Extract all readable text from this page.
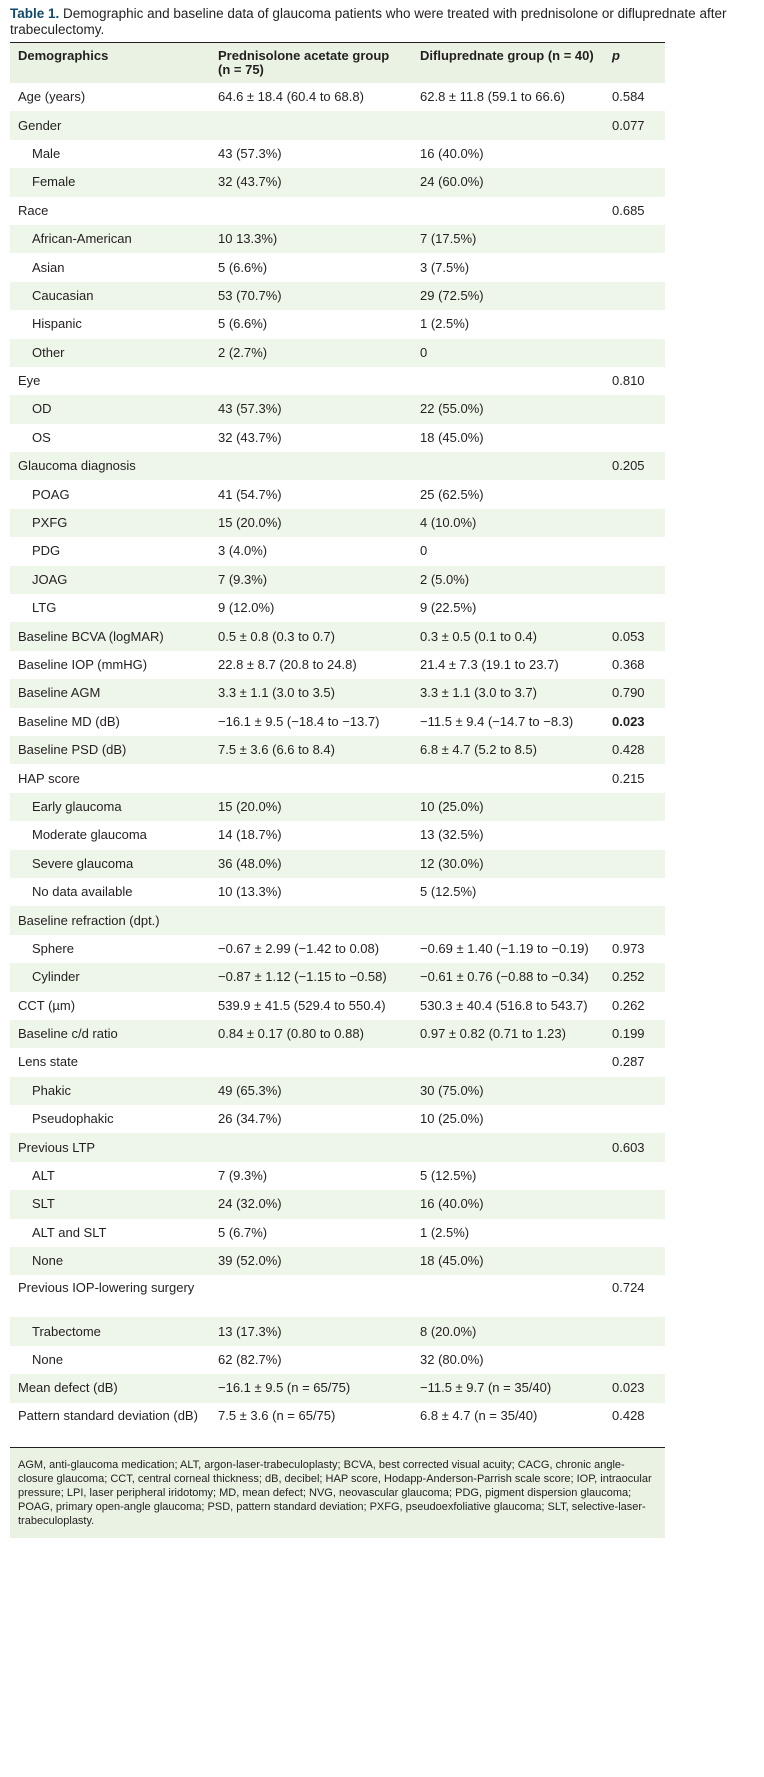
Table 1. Demographic and baseline data of glaucoma patients who were treated with prednisolone or difluprednate after trabeculectomy.

Demographics	Prednisolone acetate group (n = 75)	Difluprednate group (n = 40)	p
Age (years)	64.6 ± 18.4 (60.4 to 68.8)	62.8 ± 11.8 (59.1 to 66.6)	0.584
Gender			0.077
Male	43 (57.3%)	16 (40.0%)	
Female	32 (43.7%)	24 (60.0%)	
Race			0.685
African-American	10 13.3%)	7 (17.5%)	
Asian	5 (6.6%)	3 (7.5%)	
Caucasian	53 (70.7%)	29 (72.5%)	
Hispanic	5 (6.6%)	1 (2.5%)	
Other	2 (2.7%)	0	
Eye			0.810
OD	43 (57.3%)	22 (55.0%)	
OS	32 (43.7%)	18 (45.0%)	
Glaucoma diagnosis			0.205
POAG	41 (54.7%)	25 (62.5%)	
PXFG	15 (20.0%)	4 (10.0%)	
PDG	3 (4.0%)	0	
JOAG	7 (9.3%)	2 (5.0%)	
LTG	9 (12.0%)	9 (22.5%)	
Baseline BCVA (logMAR)	0.5 ± 0.8 (0.3 to 0.7)	0.3 ± 0.5 (0.1 to 0.4)	0.053
Baseline IOP (mmHG)	22.8 ± 8.7 (20.8 to 24.8)	21.4 ± 7.3 (19.1 to 23.7)	0.368
Baseline AGM	3.3 ± 1.1 (3.0 to 3.5)	3.3 ± 1.1 (3.0 to 3.7)	0.790
Baseline MD (dB)	−16.1 ± 9.5 (−18.4 to −13.7)	−11.5 ± 9.4 (−14.7 to −8.3)	0.023
Baseline PSD (dB)	7.5 ± 3.6 (6.6 to 8.4)	6.8 ± 4.7 (5.2 to 8.5)	0.428
HAP score			0.215
Early glaucoma	15 (20.0%)	10 (25.0%)	
Moderate glaucoma	14 (18.7%)	13 (32.5%)	
Severe glaucoma	36 (48.0%)	12 (30.0%)	
No data available	10 (13.3%)	5 (12.5%)	
Baseline refraction (dpt.)			
Sphere	−0.67 ± 2.99 (−1.42 to 0.08)	−0.69 ± 1.40 (−1.19 to −0.19)	0.973
Cylinder	−0.87 ± 1.12 (−1.15 to −0.58)	−0.61 ± 0.76 (−0.88 to −0.34)	0.252
CCT (µm)	539.9 ± 41.5 (529.4 to 550.4)	530.3 ± 40.4 (516.8 to 543.7)	0.262
Baseline c/d ratio	0.84 ± 0.17 (0.80 to 0.88)	0.97 ± 0.82 (0.71 to 1.23)	0.199
Lens state			0.287
Phakic	49 (65.3%)	30 (75.0%)	
Pseudophakic	26 (34.7%)	10 (25.0%)	
Previous LTP			0.603
ALT	7 (9.3%)	5 (12.5%)	
SLT	24 (32.0%)	16 (40.0%)	
ALT and SLT	5 (6.7%)	1 (2.5%)	
None	39 (52.0%)	18 (45.0%)	
Previous IOP-lowering surgery			0.724
Trabectome	13 (17.3%)	8 (20.0%)	
None	62 (82.7%)	32 (80.0%)	
Mean defect (dB)	−16.1 ± 9.5 (n = 65/75)	−11.5 ± 9.7 (n = 35/40)	0.023
Pattern standard deviation (dB)	7.5 ± 3.6 (n = 65/75)	6.8 ± 4.7 (n = 35/40)	0.428
AGM, anti-glaucoma medication; ALT, argon-laser-trabeculoplasty; BCVA, best corrected visual acuity; CACG, chronic angle-closure glaucoma; CCT, central corneal thickness; dB, decibel; HAP score, Hodapp-Anderson-Parrish scale score; IOP, intraocular pressure; LPI, laser peripheral iridotomy; MD, mean defect; NVG, neovascular glaucoma; PDG, pigment dispersion glaucoma; POAG, primary open-angle glaucoma; PSD, pattern standard deviation; PXFG, pseudoexfoliative glaucoma; SLT, selective-laser-trabeculoplasty.
